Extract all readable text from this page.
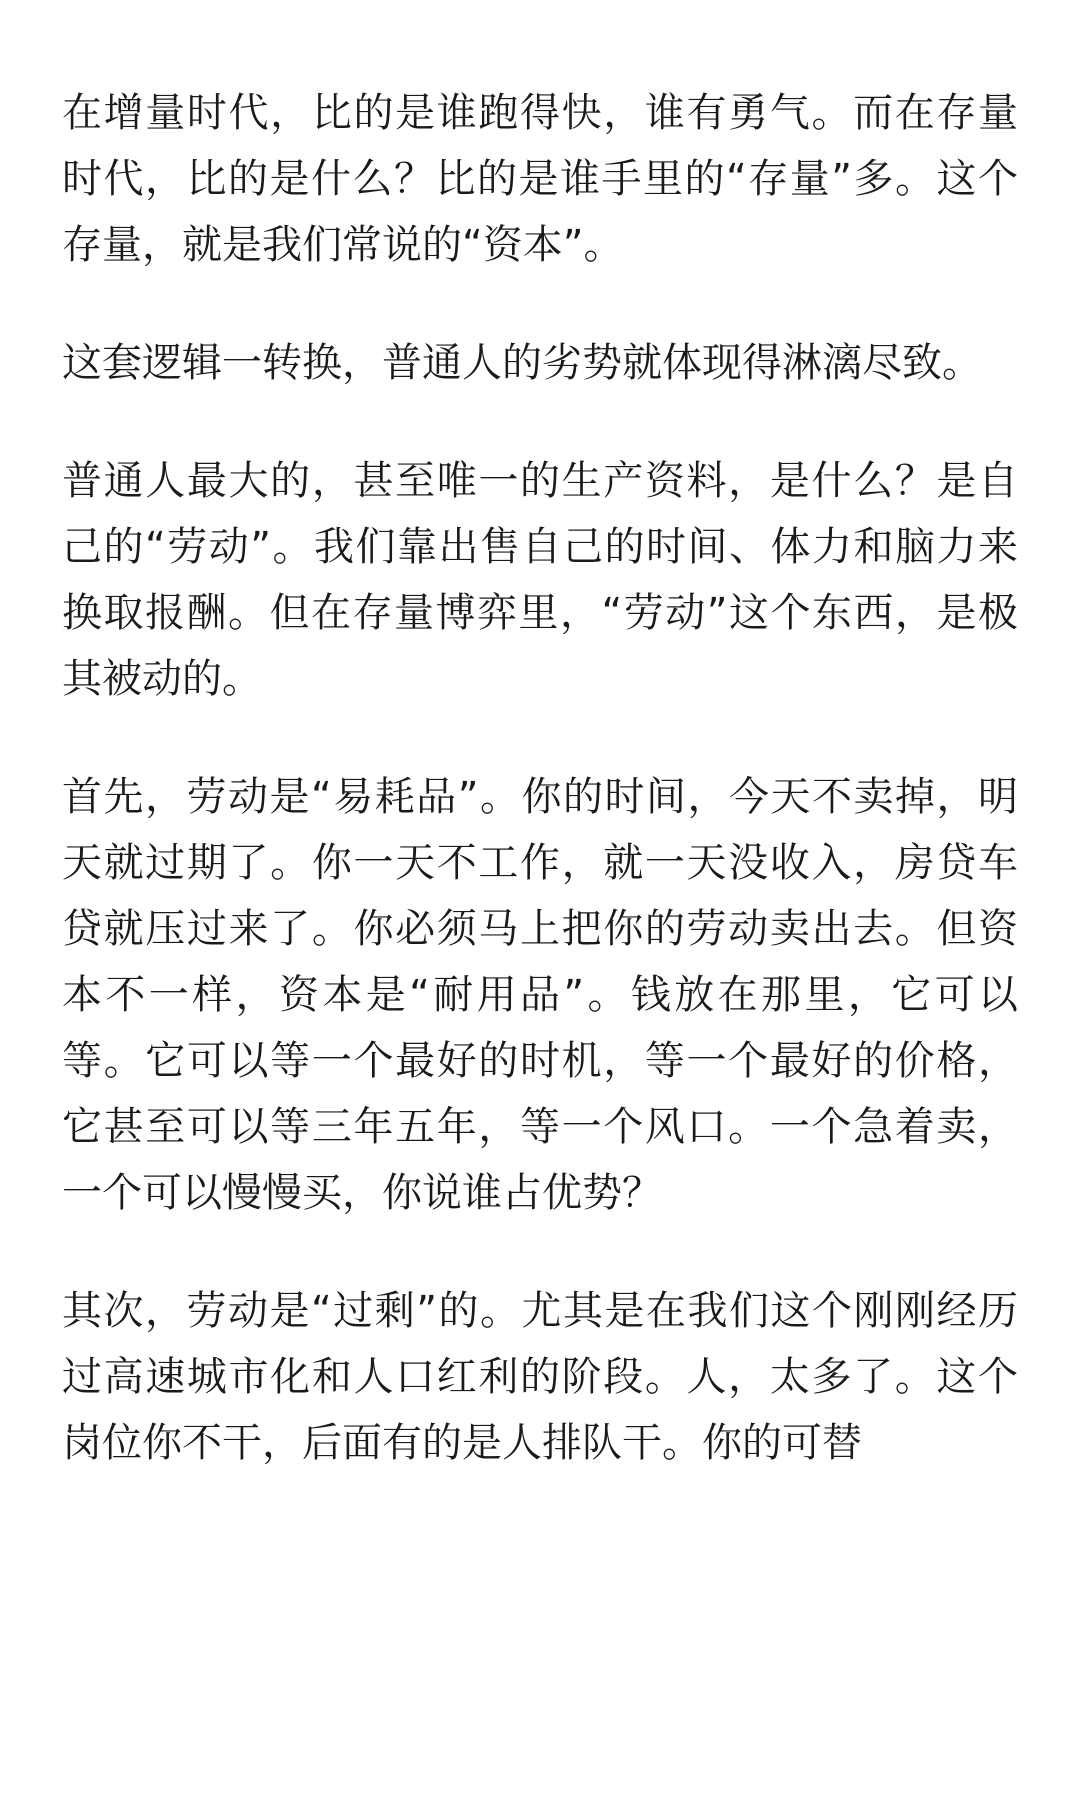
在增量时代，比的是谁跑得快，谁有勇气。而在存量时代，比的是什么？比的是谁手里的“存量”多。这个存量，就是我们常说的“资本”。

这套逻辑一转换，普通人的劣势就体现得淋漓尽致。

普通人最大的，甚至唯一的生产资料，是什么？是自己的“劳动”。我们靠出售自己的时间、体力和脑力来换取报酬。但在存量博弈里，“劳动”这个东西，是极其被动的。

首先，劳动是“易耗品”。你的时间，今天不卖掉，明天就过期了。你一天不工作，就一天没收入，房贷车贷就压过来了。你必须马上把你的劳动卖出去。但资本不一样，资本是“耐用品”。钱放在那里，它可以等。它可以等一个最好的时机，等一个最好的价格，它甚至可以等三年五年，等一个风口。一个急着卖，一个可以慢慢买，你说谁占优势？

其次，劳动是“过剩”的。尤其是在我们这个刚刚经历过高速城市化和人口红利的阶段。人，太多了。这个岗位你不干，后面有的是人排队干。你的可替
